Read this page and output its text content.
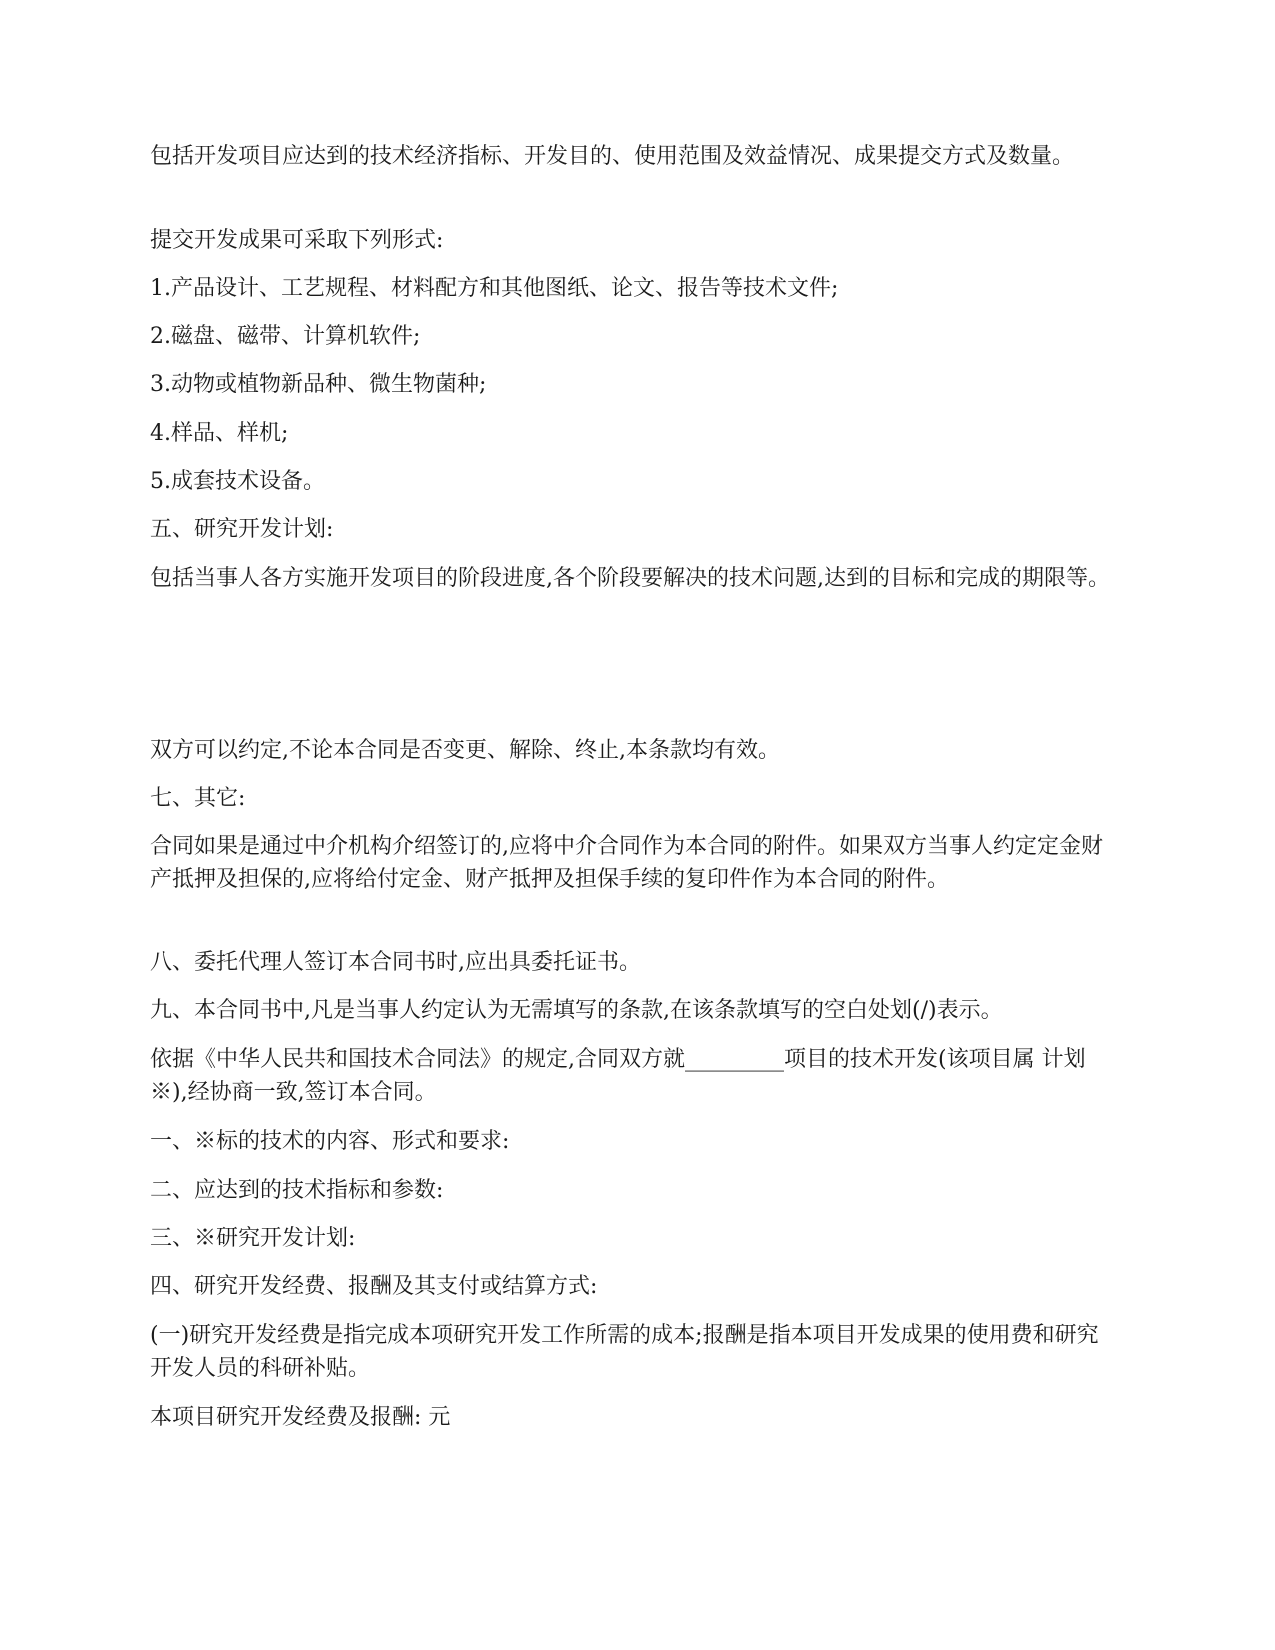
包括开发项目应达到的技术经济指标、开发目的、使用范围及效益情况、成果提交方式及数量。

提交开发成果可采取下列形式:

1.产品设计、工艺规程、材料配方和其他图纸、论文、报告等技术文件;

2.磁盘、磁带、计算机软件;

3.动物或植物新品种、微生物菌种;

4.样品、样机;

5.成套技术设备。

五、研究开发计划:

包括当事人各方实施开发项目的阶段进度,各个阶段要解决的技术问题,达到的目标和完成的期限等。

双方可以约定,不论本合同是否变更、解除、终止,本条款均有效。

七、其它:

合同如果是通过中介机构介绍签订的,应将中介合同作为本合同的附件。如果双方当事人约定定金财产抵押及担保的,应将给付定金、财产抵押及担保手续的复印件作为本合同的附件。

八、委托代理人签订本合同书时,应出具委托证书。

九、本合同书中,凡是当事人约定认为无需填写的条款,在该条款填写的空白处划(/)表示。

依据《中华人民共和国技术合同法》的规定,合同双方就_________项目的技术开发(该项目属 计划※),经协商一致,签订本合同。

一、※标的技术的内容、形式和要求:

二、应达到的技术指标和参数:

三、※研究开发计划:

四、研究开发经费、报酬及其支付或结算方式:

(一)研究开发经费是指完成本项研究开发工作所需的成本;报酬是指本项目开发成果的使用费和研究开发人员的科研补贴。

本项目研究开发经费及报酬: 元
